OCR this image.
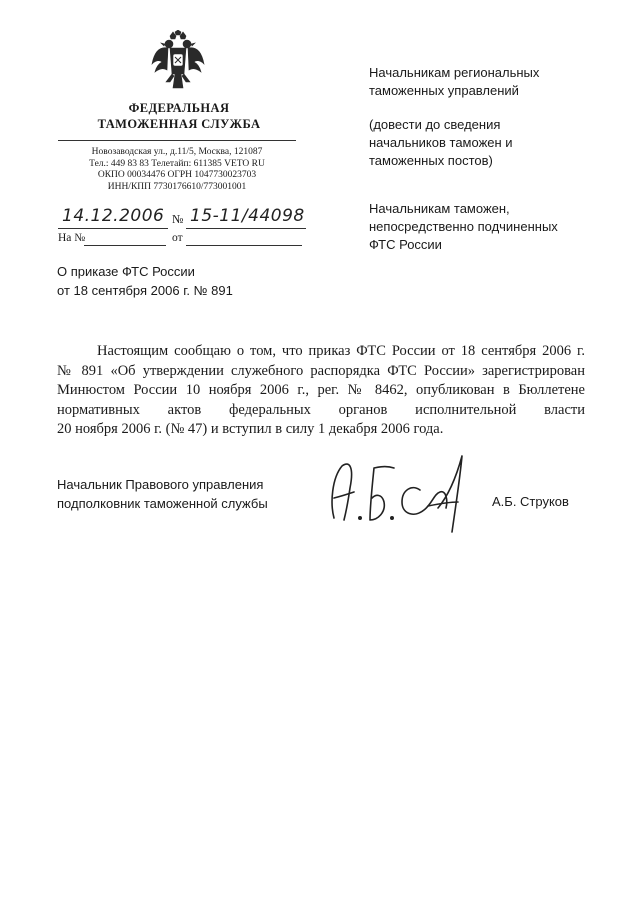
ФЕДЕРАЛЬНАЯ
ТАМОЖЕННАЯ СЛУЖБА
Новозаводская ул., д.11/5, Москва, 121087
Тел.: 449 83 83 Телетайп: 611385 VETO RU
ОКПО 00034476 ОГРН 1047730023703
ИНН/КПП 7730176610/773001001
14.12.2006 № 15-11/44098
На №	от
Начальникам региональных
таможенных управлений
(довести до сведения
начальников таможен и
таможенных постов)
Начальникам таможен,
непосредственно подчиненных
ФТС России
О приказе ФТС России
от 18 сентября 2006 г. № 891
Настоящим сообщаю о том, что приказ ФТС России от 18 сентября 2006 г.
№ 891 «Об утверждении служебного распорядка ФТС России» зарегистрирован
Минюстом России 10 ноября 2006 г., рег. № 8462, опубликован в Бюллетене
нормативных актов федеральных органов исполнительной власти
20 ноября 2006 г. (№ 47) и вступил в силу 1 декабря 2006 года.
Начальник Правового управления
подполковник таможенной службы	А.Б. Струков
